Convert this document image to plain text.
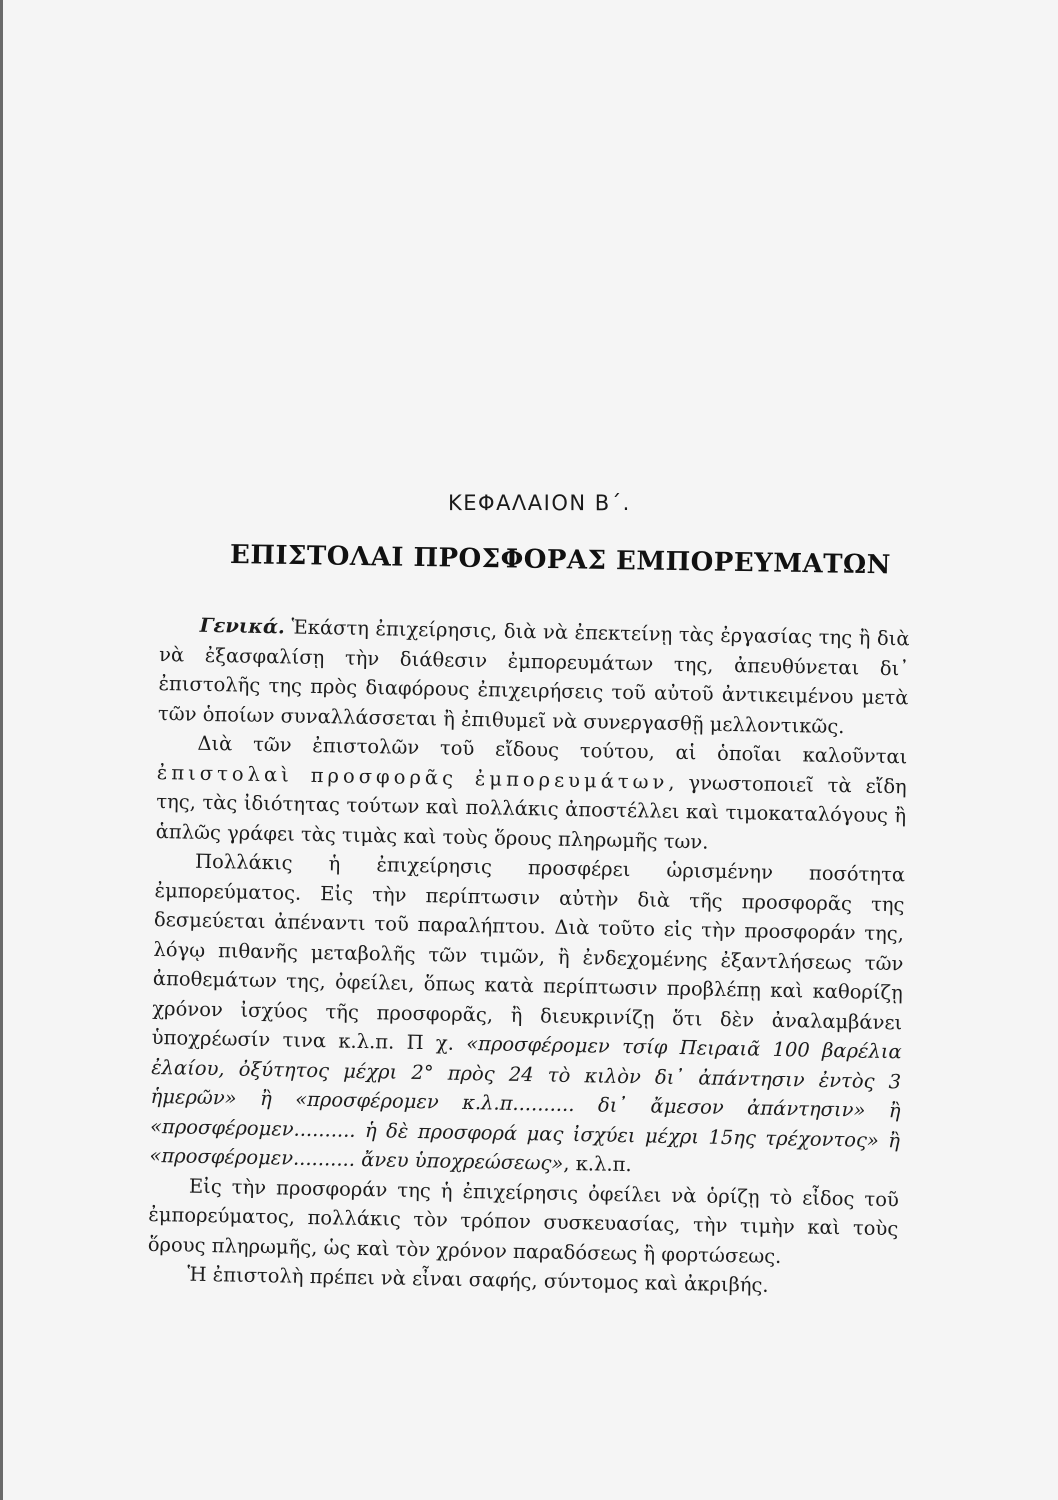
ΚΕΦΑΛΑΙΟΝ Β΄.
ΕΠΙΣΤΟΛΑΙ ΠΡΟΣΦΟΡΑΣ ΕΜΠΟΡΕΥΜΑΤΩΝ

Γενικά. Ἑκάστη ἐπιχείρησις, διὰ νὰ ἐπεκτείνῃ τὰς ἐργασίας της ἢ διὰ νὰ ἐξασφαλίσῃ τὴν διάθεσιν ἐμπορευμάτων της, ἀπευθύνεται δι᾽ ἐπιστολῆς της πρὸς διαφόρους ἐπιχειρήσεις τοῦ αὐτοῦ ἀντικειμένου μετὰ τῶν ὁποίων συναλλάσσεται ἢ ἐπιθυμεῖ νὰ συνεργασθῇ μελλοντικῶς.

Διὰ τῶν ἐπιστολῶν τοῦ εἴδους τούτου, αἱ ὁποῖαι καλοῦνται ἐπιστολαὶ προσφορᾶς ἐμπορευμάτων, γνωστοποιεῖ τὰ εἴδη της, τὰς ἰδιότητας τούτων καὶ πολλάκις ἀποστέλλει καὶ τιμοκαταλόγους ἢ ἁπλῶς γράφει τὰς τιμὰς καὶ τοὺς ὅρους πληρωμῆς των.

Πολλάκις ἡ ἐπιχείρησις προσφέρει ὡρισμένην ποσότητα ἐμπορεύματος. Εἰς τὴν περίπτωσιν αὐτὴν διὰ τῆς προσφορᾶς της δεσμεύεται ἀπέναντι τοῦ παραλήπτου. Διὰ τοῦτο εἰς τὴν προσφοράν της, λόγῳ πιθανῆς μεταβολῆς τῶν τιμῶν, ἢ ἐνδεχομένης ἐξαντλήσεως τῶν ἀποθεμάτων της, ὀφείλει, ὅπως κατὰ περίπτωσιν προβλέπῃ καὶ καθορίζῃ χρόνον ἰσχύος τῆς προσφορᾶς, ἢ διευκρινίζῃ ὅτι δὲν ἀναλαμβάνει ὑποχρέωσίν τινα κ.λ.π. Π χ. «προσφέρομεν τσίφ Πειραιᾶ 100 βαρέλια ἐλαίου, ὀξύτητος μέχρι 2° πρὸς 24 τὸ κιλὸν δι᾽ ἀπάντησιν ἐντὸς 3 ἡμερῶν» ἢ «προσφέρομεν κ.λ.π.......... δι᾽ ἄμεσον ἀπάντησιν» ἢ «προσφέρομεν.......... ἡ δὲ προσφορά μας ἰσχύει μέχρι 15ης τρέχοντος» ἢ «προσφέρομεν.......... ἄνευ ὑποχρεώσεως», κ.λ.π.

Εἰς τὴν προσφοράν της ἡ ἐπιχείρησις ὀφείλει νὰ ὁρίζῃ τὸ εἶδος τοῦ ἐμπορεύματος, πολλάκις τὸν τρόπον συσκευασίας, τὴν τιμὴν καὶ τοὺς ὅρους πληρωμῆς, ὡς καὶ τὸν χρόνον παραδόσεως ἢ φορτώσεως.

Ἡ ἐπιστολὴ πρέπει νὰ εἶναι σαφής, σύντομος καὶ ἀκριβής.
